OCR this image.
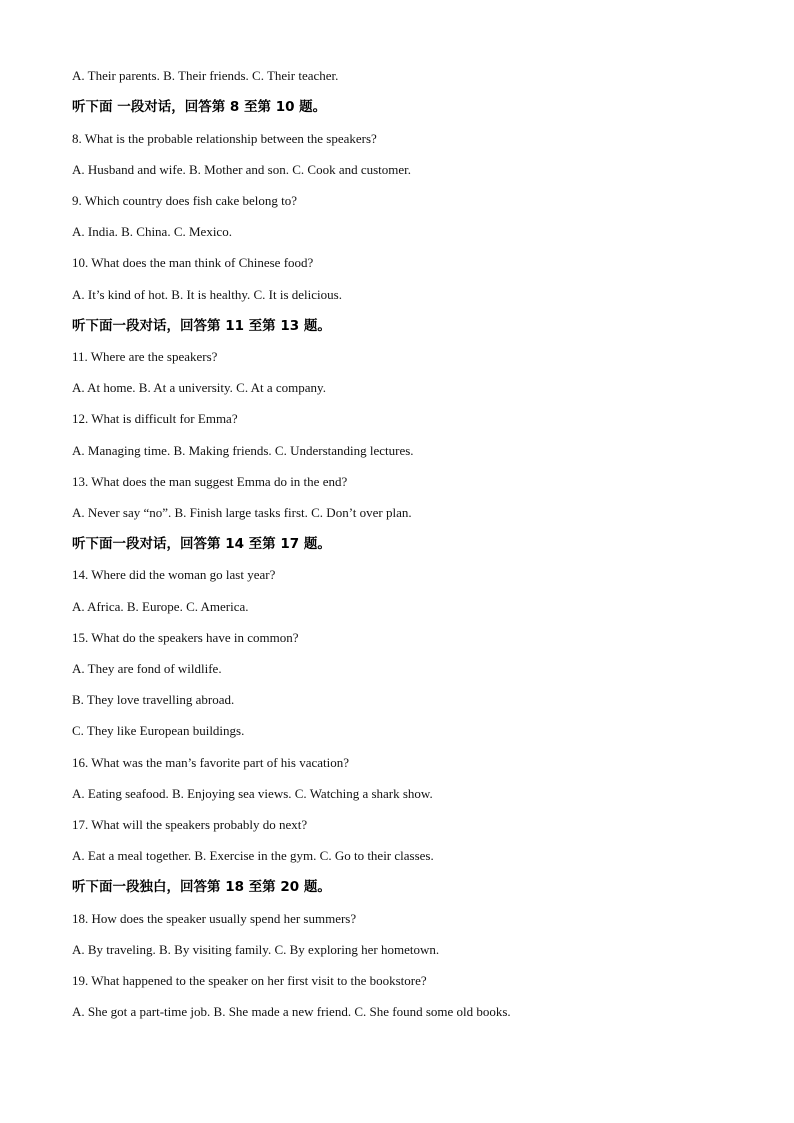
A. Their parents. B. Their friends. C. Their teacher.
听下面 一段对话，回答第 8 至第 10 题。
8. What is the probable relationship between the speakers?
A. Husband and wife. B. Mother and son. C. Cook and customer.
9. Which country does fish cake belong to?
A. India. B. China. C. Mexico.
10. What does the man think of Chinese food?
A. It’s kind of hot. B. It is healthy. C. It is delicious.
听下面一段对话，回答第 11 至第 13 题。
11. Where are the speakers?
A. At home. B. At a university. C. At a company.
12. What is difficult for Emma?
A. Managing time. B. Making friends. C. Understanding lectures.
13. What does the man suggest Emma do in the end?
A. Never say “no”. B. Finish large tasks first. C. Don’t over plan.
听下面一段对话，回答第 14 至第 17 题。
14. Where did the woman go last year?
A. Africa. B. Europe. C. America.
15. What do the speakers have in common?
A. They are fond of wildlife.
B. They love travelling abroad.
C. They like European buildings.
16. What was the man’s favorite part of his vacation?
A. Eating seafood. B. Enjoying sea views. C. Watching a shark show.
17. What will the speakers probably do next?
A. Eat a meal together. B. Exercise in the gym. C. Go to their classes.
听下面一段独白，回答第 18 至第 20 题。
18. How does the speaker usually spend her summers?
A. By traveling. B. By visiting family. C. By exploring her hometown.
19. What happened to the speaker on her first visit to the bookstore?
A. She got a part-time job. B. She made a new friend. C. She found some old books.
